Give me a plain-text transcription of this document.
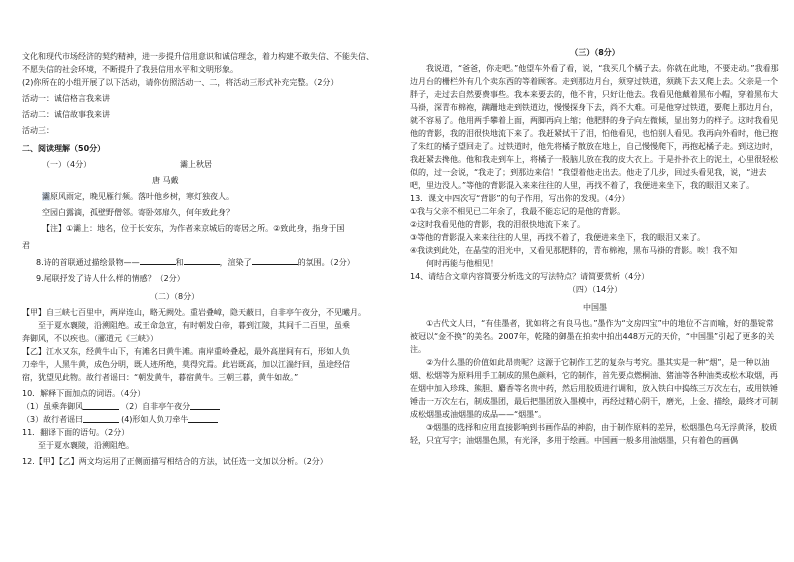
文化和现代市场经济的契约精神，进一步提升信用意识和诚信理念，着力构建不敢失信、不能失信、

不愿失信的社会环境，不断提升了我县信用水平和文明形象。

(2)你所在的小组开展了以下活动，请你仿照活动一、二，将活动三形式补充完整。（2分）

活动一：诚信格言我来讲

活动二：诚信故事我来讲

活动三：

二、阅读理解（50分）

（一）（4分）	灞上秋居

唐 马戴

灞原风雨定，晚见雁行频。落叶他乡树，寒灯独夜人。

空园白露滴，孤壁野僧邻。寄卧郊扉久，何年致此身？

【注】①灞上：地名，位于长安东，为作者来京城后的寄居之所。②致此身，指身于国

君

8.诗的首联通过描绘景物——	和	，渲染了	的氛围。（2分）

9.尾联抒发了诗人什么样的情感？（2分）

（二）（8分）

【甲】自三峡七百里中，两岸连山，略无阙处。重岩叠嶂，隐天蔽日，自非亭午夜分，不见曦月。

至于夏水襄陵，沿溯阻绝。或王命急宣，有时朝发白帝，暮到江陵，其间千二百里，虽乘

奔御风，不以疾也。（郦道元《三峡》）

【乙】江水又东，经黄牛山下，有滩名曰黄牛滩。南岸重岭叠起，最外高崖间有石，形如人负

刀牵牛，人黑牛黄，成色分明，既人迹所绝，莫得究焉。此岩既高，加以江湍纡回，虽途经信

宿，犹望见此物。故行者谣曰：“朝发黄牛，暮宿黄牛。三朝三暮，黄牛如故。”

10．解释下面加点的词语。（4分）

（1）虽乘奔御风	（2）自非亭午夜分
（3）故行者谣曰	(4)形如人负刀牵牛

11．翻译下面的语句。（2分）

至于夏水襄陵，沿溯阻绝。

12.【甲】【乙】两文均运用了正侧面描写相结合的方法，试任选一文加以分析。（2分）

（三）（8分）

我说道，“爸爸，你走吧。”他望车外看了看，说，“我买几个橘子去。你就在此地，不要走动。”我看那边月台的栅栏外有几个卖东西的等着顾客。走到那边月台，须穿过铁道，须跳下去又爬上去。父亲是一个胖子，走过去自然要费事些。我本来要去的，他不肯，只好让他去。我看见他戴着黑布小帽，穿着黑布大马褂，深青布棉袍，蹒跚地走到铁道边，慢慢探身下去，尚不大难。可是他穿过铁道，要爬上那边月台，就不容易了。他用两手攀着上面，两脚再向上缩；他肥胖的身子向左微倾，显出努力的样子。这时我看见他的背影，我的泪很快地流下来了。我赶紧拭干了泪，怕他看见，也怕别人看见。我再向外看时，他已抱了朱红的橘子望回走了。过铁道时，他先将橘子散放在地上，自己慢慢爬下，再抱起橘子走。到这边时，我赶紧去搀他。他和我走到车上，将橘子一股脑儿放在我的皮大衣上。于是扑扑衣上的泥土，心里很轻松似的，过一会说，“我走了；到那边来信！”我望着他走出去。他走了几步，回过头看见我，说，“进去吧，里边没人。”等他的背影混入来来往往的人里，再找不着了，我便进来坐下，我的眼泪又来了。

13．课文中四次写“背影”的句子作用，写出你的发现。（4分）

①我与父亲不相见已二年余了，我最不能忘记的是他的背影。

②这时我看见他的背影，我的泪很快地流下来了。

③等他的背影混入来来往往的人里，再找不着了，我便进来坐下，我的眼泪又来了。

④我读到此处，在晶莹的泪光中，又看见那肥胖的，青布棉袍，黑布马褂的背影。唉！我不知

何时再能与他相见！

14、请结合文章内容简要分析选文的写法特点？请简要赏析（4分）

（四）（14分）

中国墨

①古代文人曰，“有佳墨者，犹如将之有良马也。”墨作为“文房四宝”中的地位不言而喻，好的墨锭常被冠以“金不换”的美名。2007年，乾隆的御墨在拍卖中拍出448万元的天价，“中国墨”引起了更多的关注。

②为什么墨的价值如此昂贵呢？这源于它制作工艺的复杂与考究。墨其实是一种“烟”，是一种以油烟、松烟等为原料用手工制成的黑色颜料，它的制作，首先要点燃桐油、猪油等各种油类或松木取烟，再在烟中加入珍珠、熊胆、麝香等名贵中药，然后用胶质进行调和，放入铁臼中捣练三万次左右，或用铁锤锤击一万次左右，制成墨团，最后把墨团放入墨模中，再经过精心阴干，磨光，上金、描绘，最终才可制成松烟墨或油烟墨的成品——“烟墨”。

③烟墨的选择和应用直接影响到书画作品的神韵，由于制作原料的差异，松烟墨色乌无浮黄泽，胶质轻，只宜写字；油烟墨色黑，有光泽，多用于绘画。中国画一般多用油烟墨，只有着色的画偶
